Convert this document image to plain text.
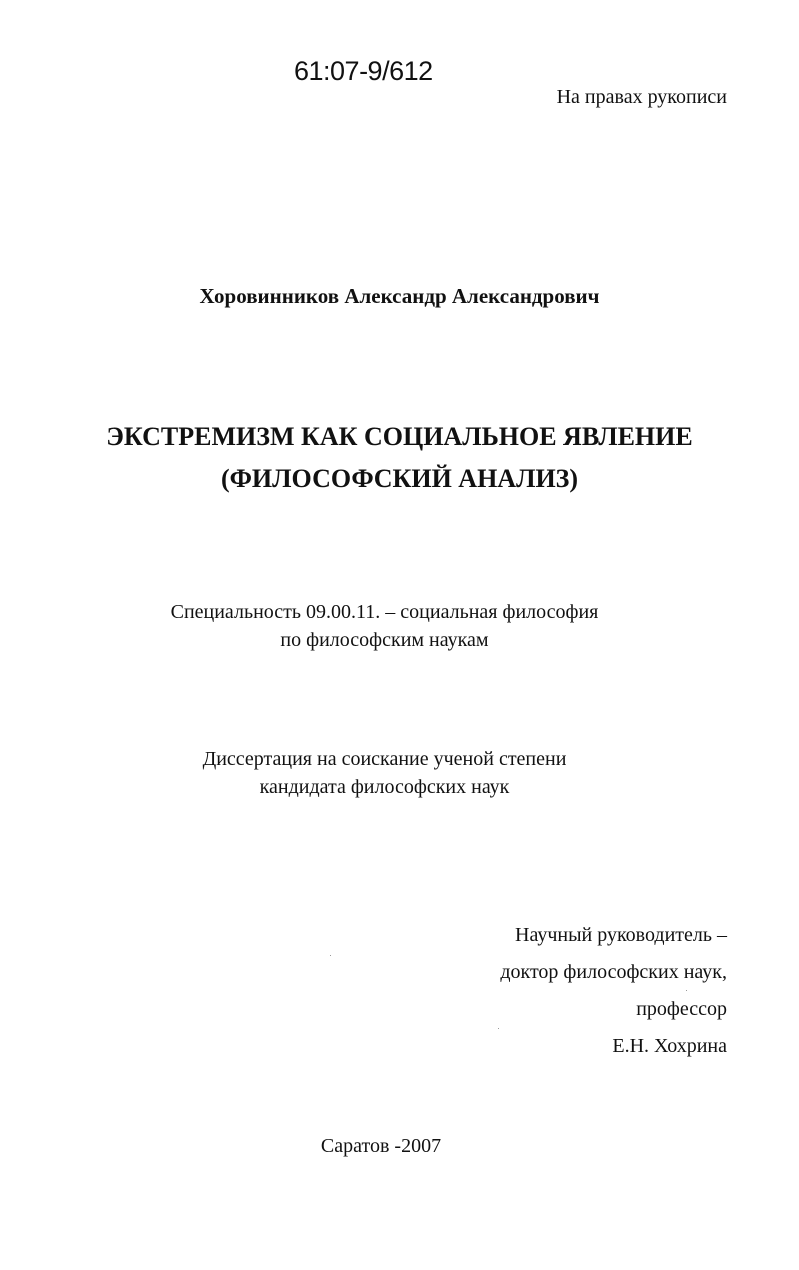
61:07-9/612
На правах рукописи
Хоровинников Александр Александрович
ЭКСТРЕМИЗМ КАК СОЦИАЛЬНОЕ ЯВЛЕНИЕ
(ФИЛОСОФСКИЙ АНАЛИЗ)
Специальность 09.00.11. – социальная философия
по философским наукам
Диссертация на соискание ученой степени
кандидата философских наук
Научный руководитель –
доктор философских наук,
профессор
Е.Н. Хохрина
Саратов -2007
